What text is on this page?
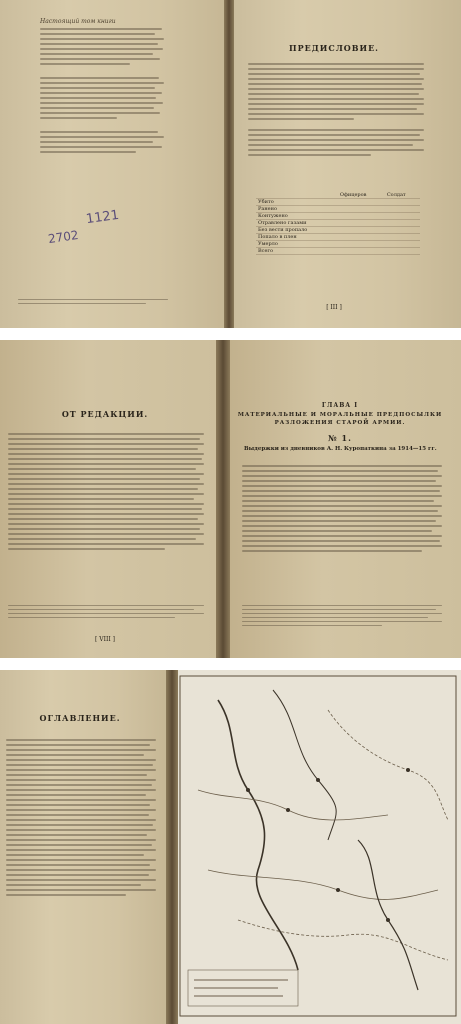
Настоящий том книги
1121
2702
ПРЕДИСЛОВИЕ.
	Офицеров	Солдат
Убито		
Ранено		
Контужено		
Отравлено газами		
Без вести пропало		
Попало в плен		
Умерло		
Всего		
[ III ]
ОТ РЕДАКЦИИ.
[ VIII ]
ГЛАВА I
МАТЕРИАЛЬНЫЕ И МОРАЛЬНЫЕ ПРЕДПОСЫЛКИ
РАЗЛОЖЕНИЯ СТАРОЙ АРМИИ.
№ 1.
Выдержки из дневников А. Н. Куропаткина за 1914—15 гг.
ОГЛАВЛЕНИЕ.
